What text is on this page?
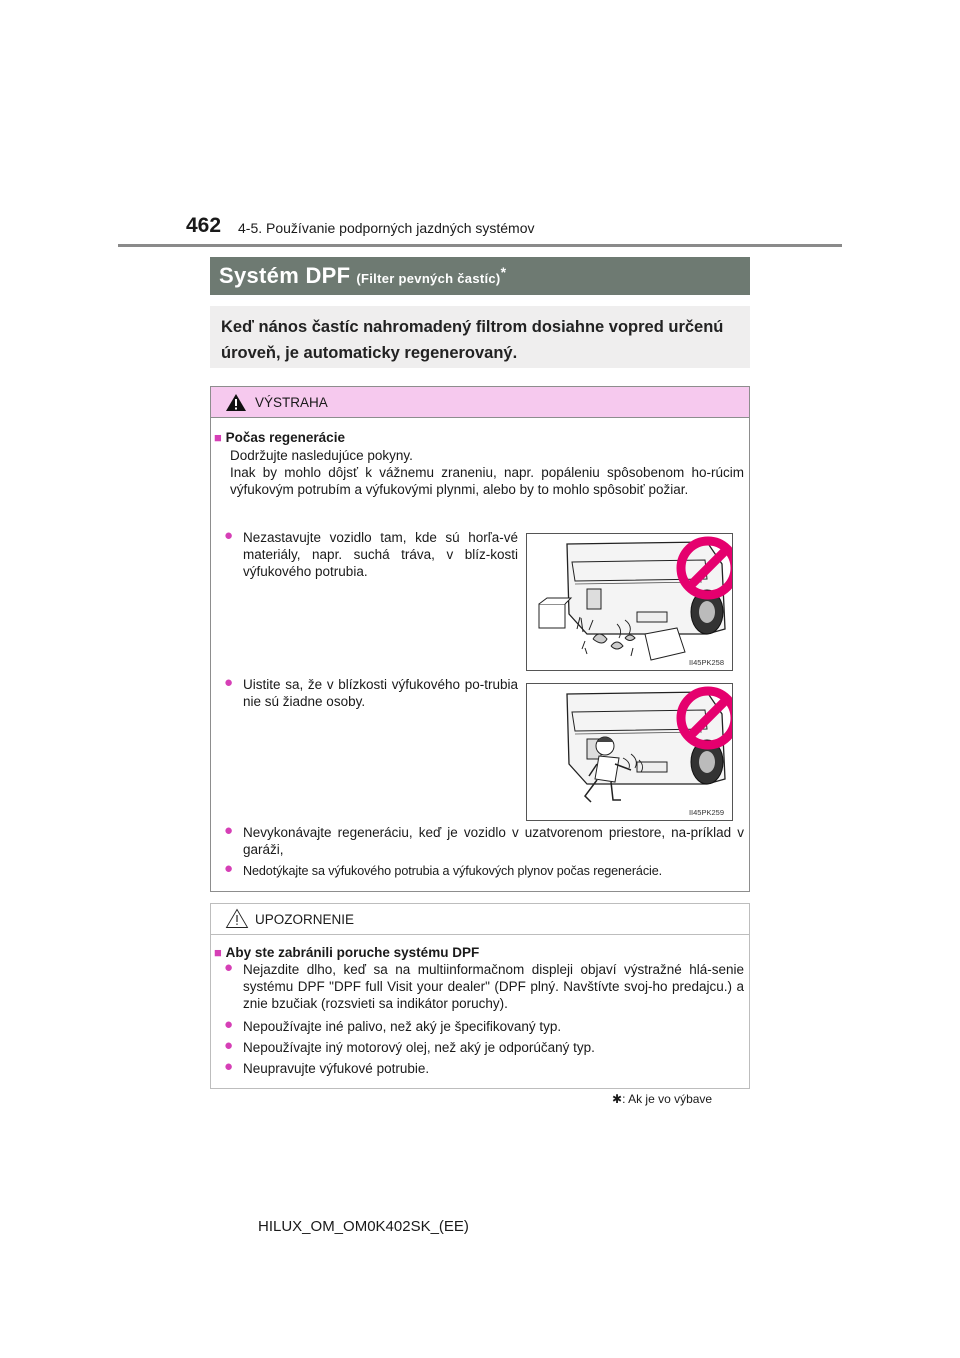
462 4-5. Používanie podporných jazdných systémov
Systém DPF (Filter pevných častíc)*
Keď nános častíc nahromadený filtrom dosiahne vopred určenú úroveň, je automaticky regenerovaný.
VÝSTRAHA
■ Počas regenerácie
Dodržujte nasledujúce pokyny.
Inak by mohlo dôjsť k vážnemu zraneniu, napr. popáleniu spôsobenom ho-rúcim výfukovým potrubím a výfukovými plynmi, alebo by to mohlo spôsobiť požiar.
● Nezastavujte vozidlo tam, kde sú horľa-vé materiály, napr. suchá tráva, v blíz-kosti výfukového potrubia.
II45PK258
● Uistite sa, že v blízkosti výfukového po-trubia nie sú žiadne osoby.
II45PK259
● Nevykonávajte regeneráciu, keď je vozidlo v uzatvorenom priestore, na-príklad v garáži,
● Nedotýkajte sa výfukového potrubia a výfukových plynov počas regenerácie.
UPOZORNENIE
■ Aby ste zabránili poruche systému DPF
● Nejazdite dlho, keď sa na multiinformačnom displeji objaví výstražné hlá-senie systému DPF "DPF full Visit your dealer" (DPF plný. Navštívte svoj-ho predajcu.) a znie bzučiak (rozsvieti sa indikátor poruchy).
● Nepoužívajte iné palivo, než aký je špecifikovaný typ.
● Nepoužívajte iný motorový olej, než aký je odporúčaný typ.
● Neupravujte výfukové potrubie.
✱: Ak je vo výbave
HILUX_OM_OM0K402SK_(EE)
